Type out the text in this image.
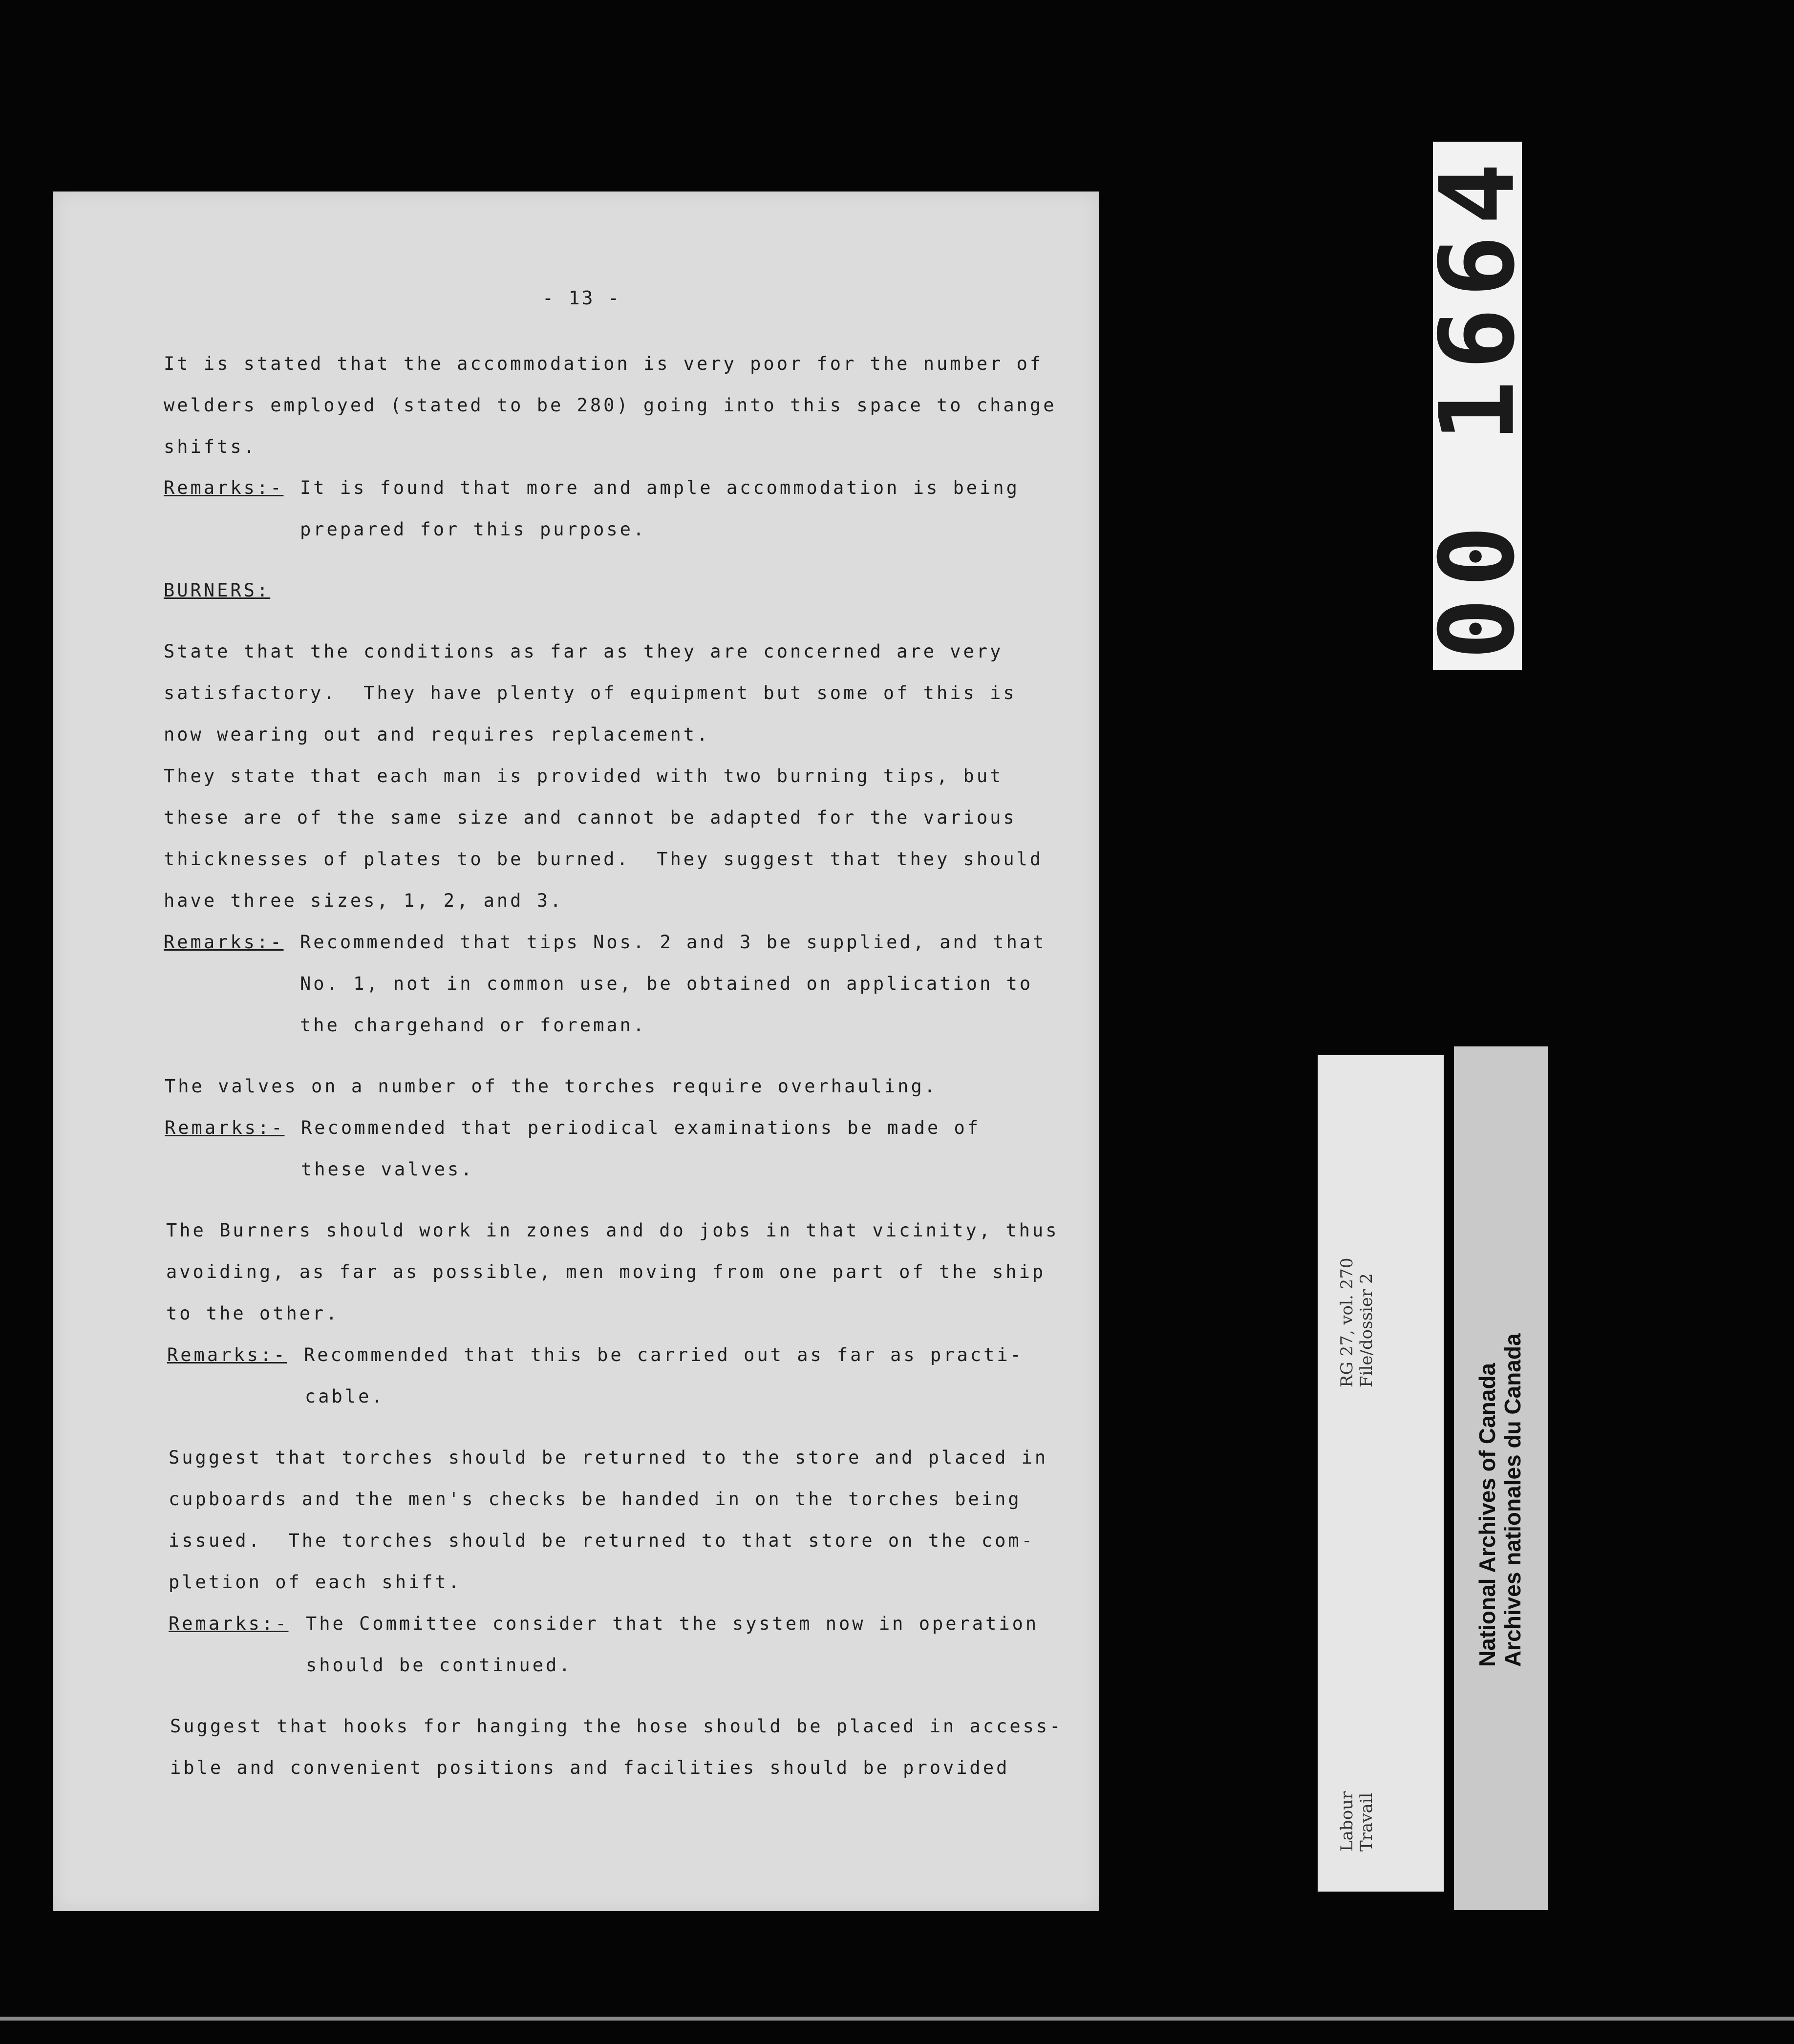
- 13 -
It is stated that the accommodation is very poor for the number of
welders employed (stated to be 280) going into this space to change
shifts.
Remarks:- It is found that more and ample accommodation is being
prepared for this purpose.
BURNERS:
State that the conditions as far as they are concerned are very
satisfactory.  They have plenty of equipment but some of this is
now wearing out and requires replacement.
They state that each man is provided with two burning tips, but
these are of the same size and cannot be adapted for the various
thicknesses of plates to be burned.  They suggest that they should
have three sizes, 1, 2, and 3.
Remarks:- Recommended that tips Nos. 2 and 3 be supplied, and that
No. 1, not in common use, be obtained on application to
the chargehand or foreman.
The valves on a number of the torches require overhauling.
Remarks:- Recommended that periodical examinations be made of
these valves.
The Burners should work in zones and do jobs in that vicinity, thus
avoiding, as far as possible, men moving from one part of the ship
to the other.
Remarks:- Recommended that this be carried out as far as practi-
cable.
Suggest that torches should be returned to the store and placed in
cupboards and the men's checks be handed in on the torches being
issued.  The torches should be returned to that store on the com-
pletion of each shift.
Remarks:- The Committee consider that the system now in operation
should be continued.
Suggest that hooks for hanging the hose should be placed in access-
ible and convenient positions and facilities should be provided
00 1664
RG 27, vol. 270 File/dossier 2
Labour Travail
National Archives of Canada Archives nationales du Canada
